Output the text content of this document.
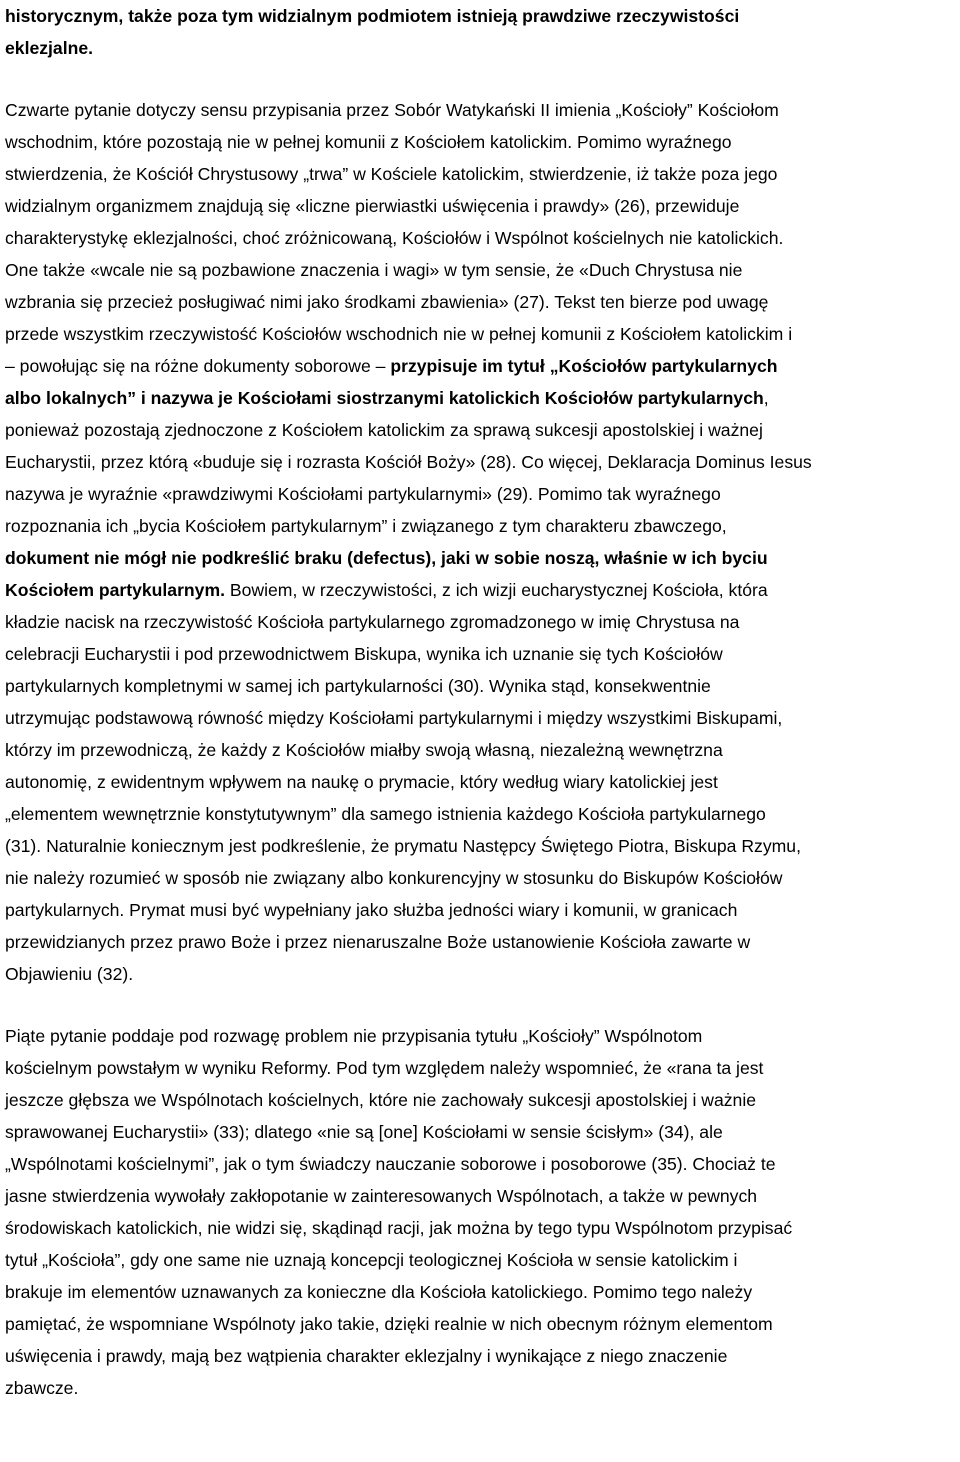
historycznym, także poza tym widzialnym podmiotem istnieją prawdziwe rzeczywistości
eklezjalne.
Czwarte pytanie dotyczy sensu przypisania przez Sobór Watykański II imienia „Kościoły” Kościołom
wschodnim, które pozostają nie w pełnej komunii z Kościołem katolickim. Pomimo wyraźnego
stwierdzenia, że Kościół Chrystusowy „trwa” w Kościele katolickim, stwierdzenie, iż także poza jego
widzialnym organizmem znajdują się «liczne pierwiastki uświęcenia i prawdy» (26), przewiduje
charakterystykę eklezjalności, choć zróżnicowaną, Kościołów i Wspólnot kościelnych nie katolickich.
One także «wcale nie są pozbawione znaczenia i wagi» w tym sensie, że «Duch Chrystusa nie
wzbrania się przecież posługiwać nimi jako środkami zbawienia» (27). Tekst ten bierze pod uwagę
przede wszystkim rzeczywistość Kościołów wschodnich nie w pełnej komunii z Kościołem katolickim i
– powołując się na różne dokumenty soborowe – przypisuje im tytuł „Kościołów partykularnych
albo lokalnych” i nazywa je Kościołami siostrzanymi katolickich Kościołów partykularnych,
ponieważ pozostają zjednoczone z Kościołem katolickim za sprawą sukcesji apostolskiej i ważnej
Eucharystii, przez którą «buduje się i rozrasta Kościół Boży» (28). Co więcej, Deklaracja Dominus Iesus
nazywa je wyraźnie «prawdziwymi Kościołami partykularnymi» (29). Pomimo tak wyraźnego
rozpoznania ich „bycia Kościołem partykularnym” i związanego z tym charakteru zbawczego,
dokument nie mógł nie podkreślić braku (defectus), jaki w sobie noszą, właśnie w ich byciu
Kościołem partykularnym. Bowiem, w rzeczywistości, z ich wizji eucharystycznej Kościoła, która
kładzie nacisk na rzeczywistość Kościoła partykularnego zgromadzonego w imię Chrystusa na
celebracji Eucharystii i pod przewodnictwem Biskupa, wynika ich uznanie się tych Kościołów
partykularnych kompletnymi w samej ich partykularności (30). Wynika stąd, konsekwentnie
utrzymując podstawową równość między Kościołami partykularnymi i między wszystkimi Biskupami,
którzy im przewodniczą, że każdy z Kościołów miałby swoją własną, niezależną wewnętrzna
autonomię, z ewidentnym wpływem na naukę o prymacie, który według wiary katolickiej jest
„elementem wewnętrznie konstytutywnym” dla samego istnienia każdego Kościoła partykularnego
(31). Naturalnie koniecznym jest podkreślenie, że prymatu Następcy Świętego Piotra, Biskupa Rzymu,
nie należy rozumieć w sposób nie związany albo konkurencyjny w stosunku do Biskupów Kościołów
partykularnych. Prymat musi być wypełniany jako służba jedności wiary i komunii, w granicach
przewidzianych przez prawo Boże i przez nienaruszalne Boże ustanowienie Kościoła zawarte w
Objawieniu (32).
Piąte pytanie poddaje pod rozwagę problem nie przypisania tytułu „Kościoły” Wspólnotom
kościelnym powstałym w wyniku Reformy. Pod tym względem należy wspomnieć, że «rana ta jest
jeszcze głębsza we Wspólnotach kościelnych, które nie zachowały sukcesji apostolskiej i ważnie
sprawowanej Eucharystii» (33); dlatego «nie są [one] Kościołami w sensie ścisłym» (34), ale
„Wspólnotami kościelnymi”, jak o tym świadczy nauczanie soborowe i posoborowe (35). Chociaż te
jasne stwierdzenia wywołały zakłopotanie w zainteresowanych Wspólnotach, a także w pewnych
środowiskach katolickich, nie widzi się, skądinąd racji, jak można by tego typu Wspólnotom przypisać
tytuł „Kościoła”, gdy one same nie uznają koncepcji teologicznej Kościoła w sensie katolickim i
brakuje im elementów uznawanych za konieczne dla Kościoła katolickiego. Pomimo tego należy
pamiętać, że wspomniane Wspólnoty jako takie, dzięki realnie w nich obecnym różnym elementom
uświęcenia i prawdy, mają bez wątpienia charakter eklezjalny i wynikające z niego znaczenie
zbawcze.
